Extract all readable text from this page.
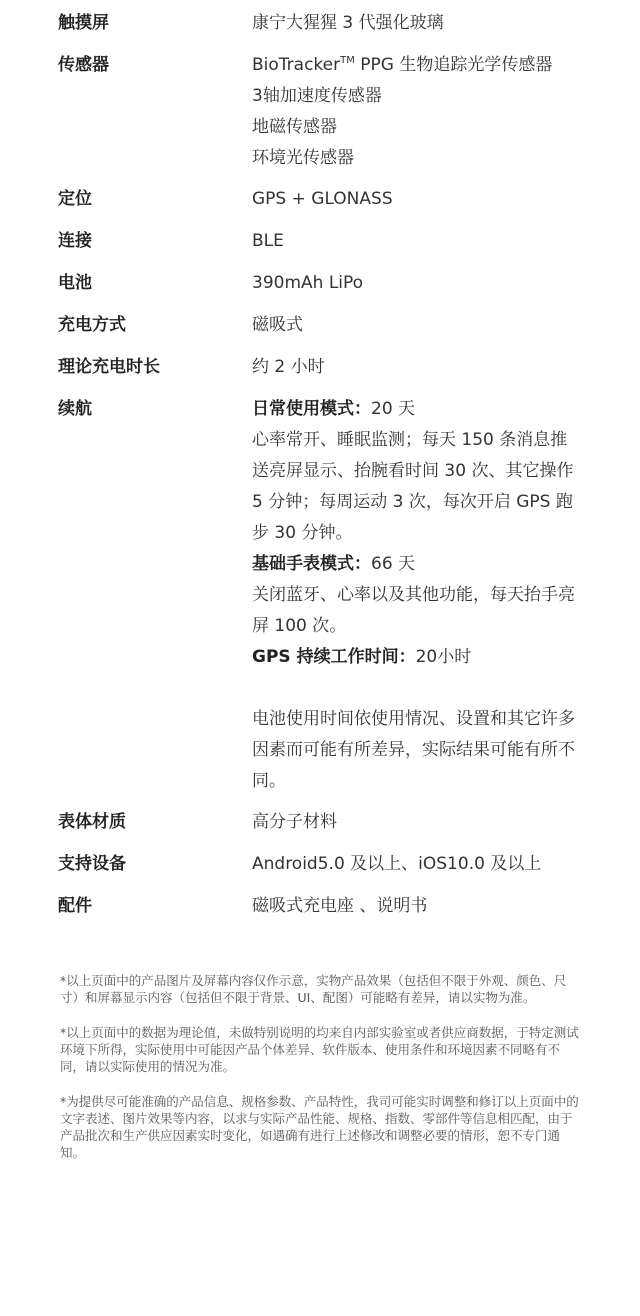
触摸屏	康宁大猩猩 3 代强化玻璃
传感器	BioTracker™ PPG 生物追踪光学传感器
3轴加速度传感器
地磁传感器
环境光传感器
定位	GPS + GLONASS
连接	BLE
电池	390mAh LiPo
充电方式	磁吸式
理论充电时长	约 2 小时
续航	日常使用模式：20 天
心率常开、睡眠监测；每天 150 条消息推送亮屏显示、抬腕看时间 30 次、其它操作 5 分钟；每周运动 3 次，每次开启 GPS 跑步 30 分钟。
基础手表模式：66 天
关闭蓝牙、心率以及其他功能，每天抬手亮屏 100 次。
GPS 持续工作时间：20小时
电池使用时间依使用情况、设置和其它许多因素而可能有所差异，实际结果可能有所不同。
表体材质	高分子材料
支持设备	Android5.0 及以上、iOS10.0 及以上
配件	磁吸式充电座 、说明书

*以上页面中的产品图片及屏幕内容仅作示意，实物产品效果（包括但不限于外观、颜色、尺寸）和屏幕显示内容（包括但不限于背景、UI、配图）可能略有差异，请以实物为准。

*以上页面中的数据为理论值，未做特别说明的均来自内部实验室或者供应商数据，于特定测试环境下所得，实际使用中可能因产品个体差异、软件版本、使用条件和环境因素不同略有不同，请以实际使用的情况为准。

*为提供尽可能准确的产品信息、规格参数、产品特性，我司可能实时调整和修订以上页面中的文字表述、图片效果等内容，以求与实际产品性能、规格、指数、零部件等信息相匹配，由于产品批次和生产供应因素实时变化，如遇确有进行上述修改和调整必要的情形，恕不专门通知。
